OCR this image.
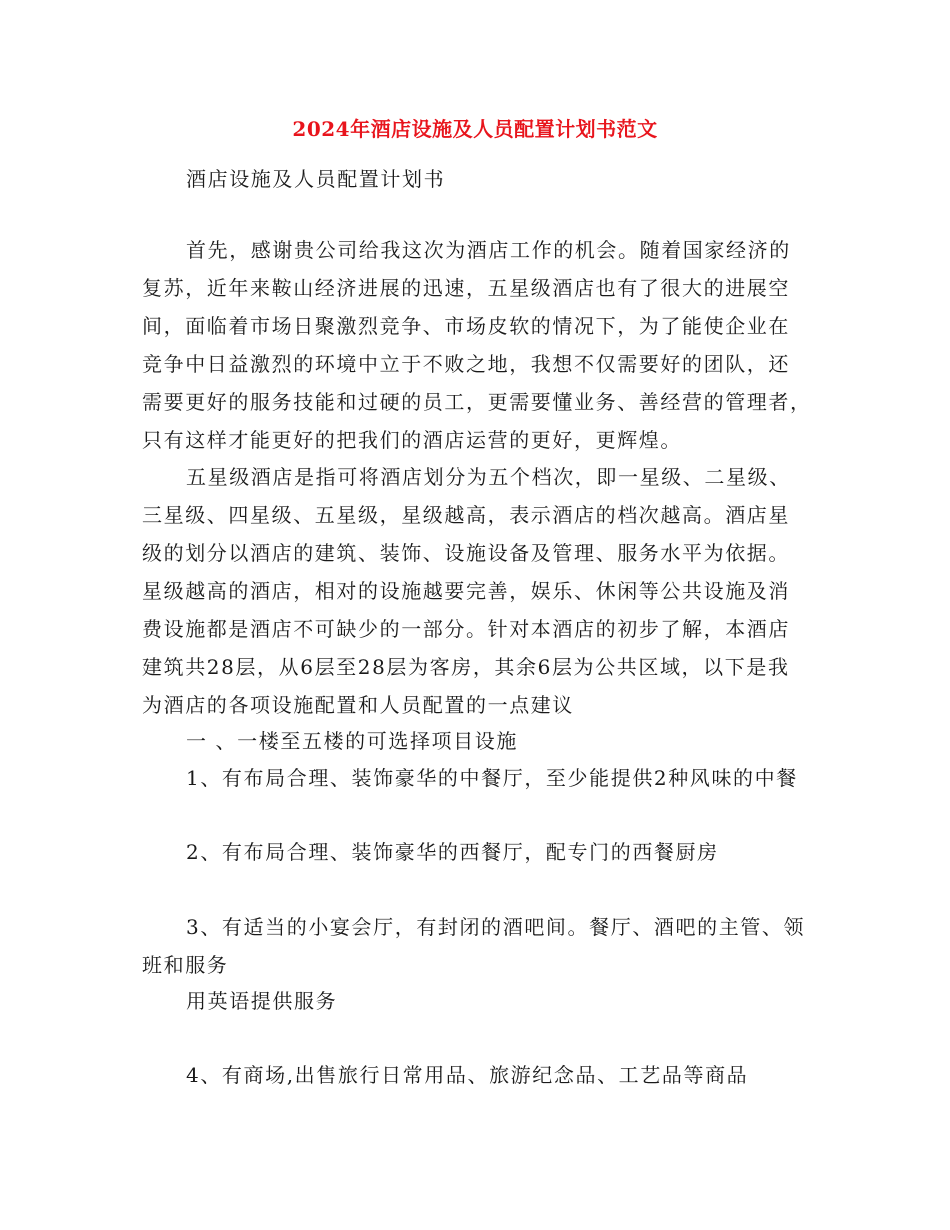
2024年酒店设施及人员配置计划书范文
酒店设施及人员配置计划书
首先，感谢贵公司给我这次为酒店工作的机会。随着国家经济的
复苏，近年来鞍山经济进展的迅速，五星级酒店也有了很大的进展空
间，面临着市场日聚激烈竞争、市场皮软的情况下，为了能使企业在
竞争中日益激烈的环境中立于不败之地，我想不仅需要好的团队，还
需要更好的服务技能和过硬的员工，更需要懂业务、善经营的管理者，
只有这样才能更好的把我们的酒店运营的更好，更辉煌。
五星级酒店是指可将酒店划分为五个档次，即一星级、二星级、
三星级、四星级、五星级，星级越高，表示酒店的档次越高。酒店星
级的划分以酒店的建筑、装饰、设施设备及管理、服务水平为依据。
星级越高的酒店，相对的设施越要完善，娱乐、休闲等公共设施及消
费设施都是酒店不可缺少的一部分。针对本酒店的初步了解，本酒店
建筑共28层，从6层至28层为客房，其余6层为公共区域，以下是我
为酒店的各项设施配置和人员配置的一点建议
一 、一楼至五楼的可选择项目设施
1、有布局合理、装饰豪华的中餐厅，至少能提供2种风味的中餐
2、有布局合理、装饰豪华的西餐厅，配专门的西餐厨房
3、有适当的小宴会厅，有封闭的酒吧间。餐厅、酒吧的主管、领
班和服务
用英语提供服务
4、有商场,出售旅行日常用品、旅游纪念品、工艺品等商品
